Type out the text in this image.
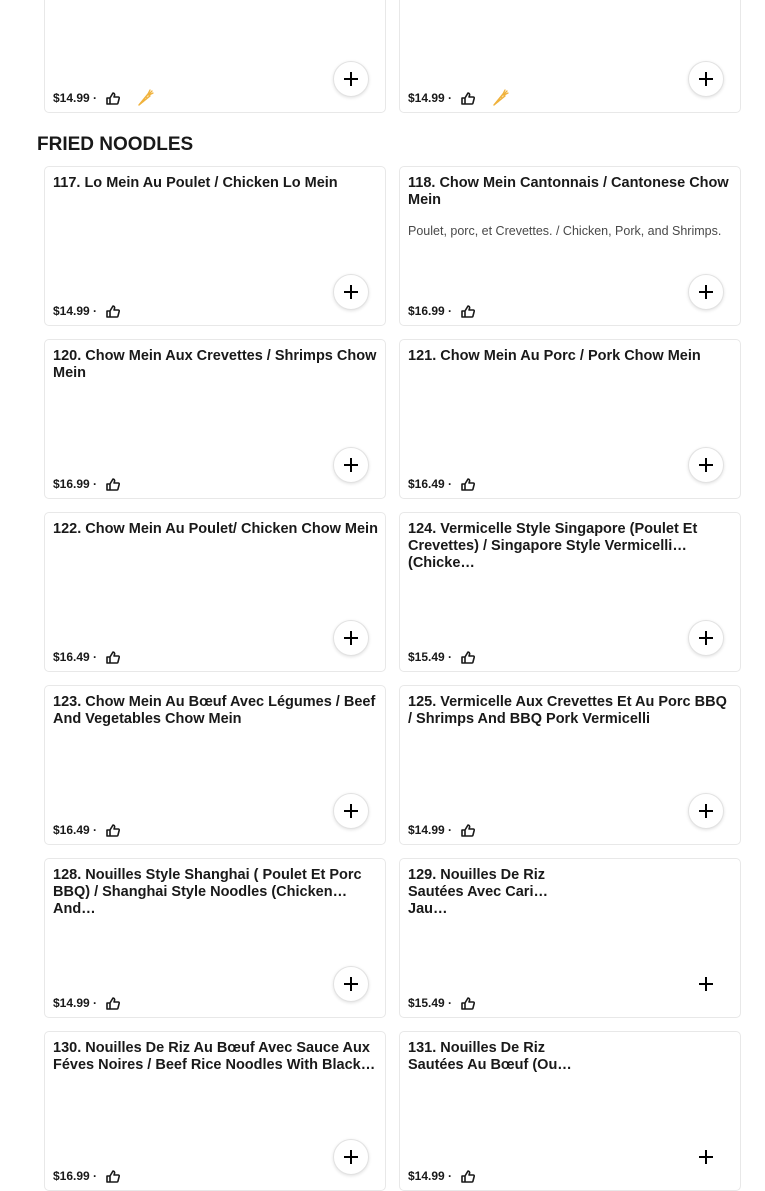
$14.99
·	$14.99
·
FRIED NOODLES
117. Lo Mein Au Poulet / Chicken Lo Mein
$14.99
·
118. Chow Mein Cantonnais / Cantonese Chow Mein
Poulet, porc, et Crevettes. / Chicken, Pork, and Shrimps.
$16.99
·
120. Chow Mein Aux Crevettes / Shrimps Chow Mein
$16.99
·
121. Chow Mein Au Porc / Pork Chow Mein
$16.49
·
122. Chow Mein Au Poulet/ Chicken Chow Mein
$16.49
·
124. Vermicelle Style Singapore (Poulet Et Crevettes) / Singapore Style Vermicelli (Chicke…
$15.49
·
123. Chow Mein Au Bœuf Avec Légumes / Beef And Vegetables Chow Mein
$16.49
·
125. Vermicelle Aux Crevettes Et Au Porc BBQ / Shrimps And BBQ Pork Vermicelli
$14.99
·
128. Nouilles Style Shanghai ( Poulet Et Porc BBQ) / Shanghai Style Noodles (Chicken And…
$14.99
·
129. Nouilles De Riz Sautées Avec Cari Jau…
$15.49
·
130. Nouilles De Riz Au Bœuf Avec Sauce Aux Féves Noires / Beef Rice Noodles With Black…
$16.99
·
131. Nouilles De Riz Sautées Au Bœuf (Ou…
$14.99
·
